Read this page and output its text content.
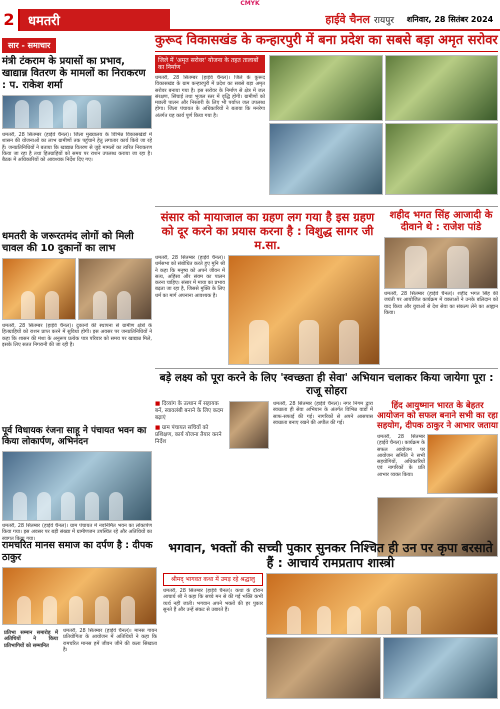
CMYK
2	धमतरी	हाईवे चैनल रायपुर	शनिवार, 28 सितंबर 2024
सार - समाचार
मंत्री टंकराम के प्रयासों का प्रभाव, खाद्यान्न वितरण के मामलों का निराकरण : प. राकेश शर्मा
धमतरी, 28 सितम्बर (हाईवे चैनल)। जिला मुख्यालय के विभिन्न विकासखंडों में शासन की योजनाओं का लाभ ग्रामीणों तक पहुंचाने हेतु लगातार कार्य किये जा रहे हैं। जनप्रतिनिधियों ने बताया कि खाद्यान्न वितरण से जुड़े मामलों का त्वरित निराकरण किया जा रहा है तथा हितग्राहियों को समय पर राशन उपलब्ध कराया जा रहा है। बैठक में अधिकारियों को आवश्यक निर्देश दिए गए।
धमतरी के जरूरतमंद लोगों को मिली चावल की 10 दुकानों का लाभ
धमतरी, 28 सितम्बर (हाईवे चैनल)। दुकानों की स्थापना से ग्रामीण क्षेत्रों के हितग्राहियों को राशन प्राप्त करने में सुविधा होगी। इस अवसर पर जनप्रतिनिधियों ने कहा कि शासन की मंशा के अनुरूप प्रत्येक पात्र परिवार को समय पर खाद्यान्न मिले, इसके लिए सतत निगरानी की जा रही है।
पूर्व विधायक रंजना साहू ने पंचायत भवन का किया लोकार्पण, अभिनंदन
धमतरी, 28 सितम्बर (हाईवे चैनल)। ग्राम पंचायत में नवनिर्मित भवन का लोकार्पण किया गया। इस अवसर पर बड़ी संख्या में ग्रामीणजन उपस्थित रहे और अतिथियों का स्वागत किया गया।
कुरूद विकासखंड के कन्हारपुरी में बना प्रदेश का सबसे बड़ा अमृत सरोवर
जिले में 'अमृत सरोवर' योजना के तहत तालाबों का निर्माण
धमतरी, 28 सितम्बर (हाईवे चैनल)। जिले के कुरूद विकासखंड के ग्राम कन्हारपुरी में प्रदेश का सबसे बड़ा अमृत सरोवर बनाया गया है। इस सरोवर के निर्माण से क्षेत्र में जल संरक्षण, सिंचाई तथा भूजल स्तर में वृद्धि होगी। ग्रामीणों को मछली पालन और निस्तारी के लिए भी पर्याप्त जल उपलब्ध होगा। जिला पंचायत के अधिकारियों ने बताया कि मनरेगा अंतर्गत यह कार्य पूर्ण किया गया है।
संसार को मायाजाल का ग्रहण लग गया है इस ग्रहण को दूर करने का प्रयास करना है : विशुद्ध सागर जी म.सा.
धमतरी, 28 सितम्बर (हाईवे चैनल)। धर्मसभा को संबोधित करते हुए मुनि श्री ने कहा कि मनुष्य को अपने जीवन में सत्य, अहिंसा और संयम का पालन करना चाहिए। संसार में माया का प्रभाव बढ़ता जा रहा है, जिससे मुक्ति के लिए धर्म का मार्ग अपनाना आवश्यक है।
शहीद भगत सिंह आजादी के दीवाने थे : राजेश पांडे
धमतरी, 28 सितम्बर (हाईवे चैनल)। शहीद भगत सिंह की जयंती पर आयोजित कार्यक्रम में वक्ताओं ने उनके बलिदान को याद किया और युवाओं से देश सेवा का संकल्प लेने का आह्वान किया।
बड़े लक्ष्य को पूरा करने के लिए 'स्वच्छता ही सेवा' अभियान चलाकर किया जायेगा पूरा : राजू सोहरा
■ दिव्यांग के उत्थान में सहायक बनें, स्वावलंबी बनाने के लिए कदम बढ़ाएं
■ ग्राम पंचायत सचिवों को प्रशिक्षण, कार्य योजना तैयार करने निर्देश
धमतरी, 28 सितम्बर (हाईवे चैनल)। नगर निगम द्वारा स्वच्छता ही सेवा अभियान के अंतर्गत विभिन्न वार्डों में साफ-सफाई की गई। नागरिकों से अपने आसपास स्वच्छता बनाए रखने की अपील की गई।
हिंद आयुष्मान भारत के बेहतर आयोजन को सफल बनाने सभी का रहा सहयोग, दीपक ठाकुर ने आभार जताया
धमतरी, 28 सितम्बर (हाईवे चैनल)। कार्यक्रम के सफल आयोजन पर आयोजन समिति ने सभी सहयोगियों, अधिकारियों एवं नागरिकों के प्रति आभार व्यक्त किया।
रामचरित मानस समाज का दर्पण है : दीपक ठाकुर
प्रतिभा सम्मान समारोह में अतिथियों ने किया प्रतिभागियों को सम्मानित
धमतरी, 28 सितम्बर (हाईवे चैनल)। मानस गायन प्रतियोगिता के आयोजन में अतिथियों ने कहा कि रामचरित मानस हमें जीवन जीने की कला सिखाता है।
भगवान, भक्तों की सच्ची पुकार सुनकर निश्चित ही उन पर कृपा बरसाते हैं : आचार्य रामप्रताप शास्त्री
श्रीमद् भागवत कथा में उमड़ रहे श्रद्धालु
धमतरी, 28 सितम्बर (हाईवे चैनल)। कथा के दौरान आचार्य श्री ने कहा कि सच्चे मन से की गई भक्ति कभी व्यर्थ नहीं जाती। भगवान अपने भक्तों की हर पुकार सुनते हैं और उन्हें संकट से उबारते हैं।
